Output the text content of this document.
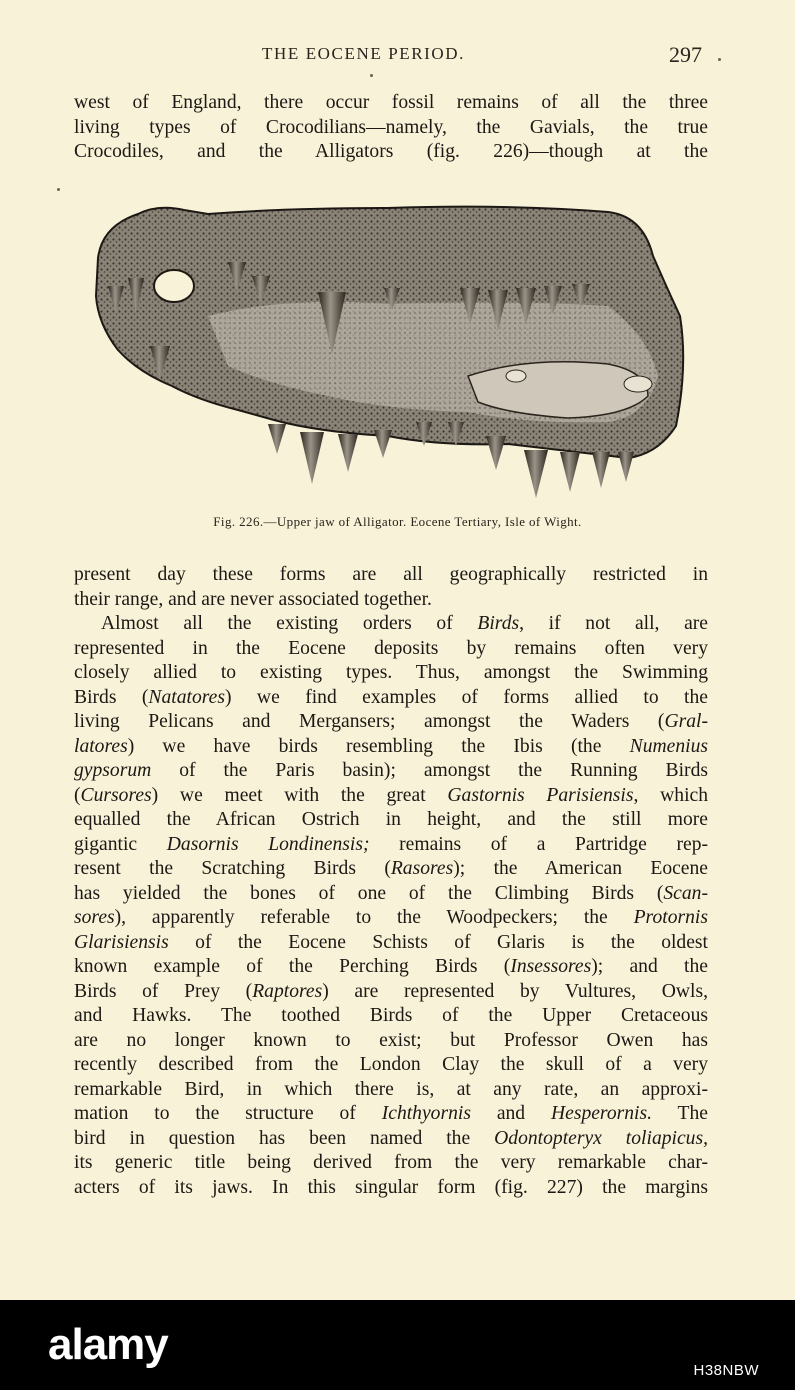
THE EOCENE PERIOD.	297
west of England, there occur fossil remains of all the three
living types of Crocodilians—namely, the Gavials, the true
Crocodiles, and the Alligators (fig. 226)—though at the
Fig. 226.—Upper jaw of Alligator. Eocene Tertiary, Isle of Wight.
present day these forms are all geographically restricted in
their range, and are never associated together.
Almost all the existing orders of Birds, if not all, are
represented in the Eocene deposits by remains often very
closely allied to existing types. Thus, amongst the Swimming
Birds (Natatores) we find examples of forms allied to the
living Pelicans and Mergansers; amongst the Waders (Gral-
latores) we have birds resembling the Ibis (the Numenius
gypsorum of the Paris basin); amongst the Running Birds
(Cursores) we meet with the great Gastornis Parisiensis, which
equalled the African Ostrich in height, and the still more
gigantic Dasornis Londinensis; remains of a Partridge rep-
resent the Scratching Birds (Rasores); the American Eocene
has yielded the bones of one of the Climbing Birds (Scan-
sores), apparently referable to the Woodpeckers; the Protornis
Glarisiensis of the Eocene Schists of Glaris is the oldest
known example of the Perching Birds (Insessores); and the
Birds of Prey (Raptores) are represented by Vultures, Owls,
and Hawks. The toothed Birds of the Upper Cretaceous
are no longer known to exist; but Professor Owen has
recently described from the London Clay the skull of a very
remarkable Bird, in which there is, at any rate, an approxi-
mation to the structure of Ichthyornis and Hesperornis. The
bird in question has been named the Odontopteryx toliapicus,
its generic title being derived from the very remarkable char-
acters of its jaws. In this singular form (fig. 227) the margins
alamy
H38NBW
